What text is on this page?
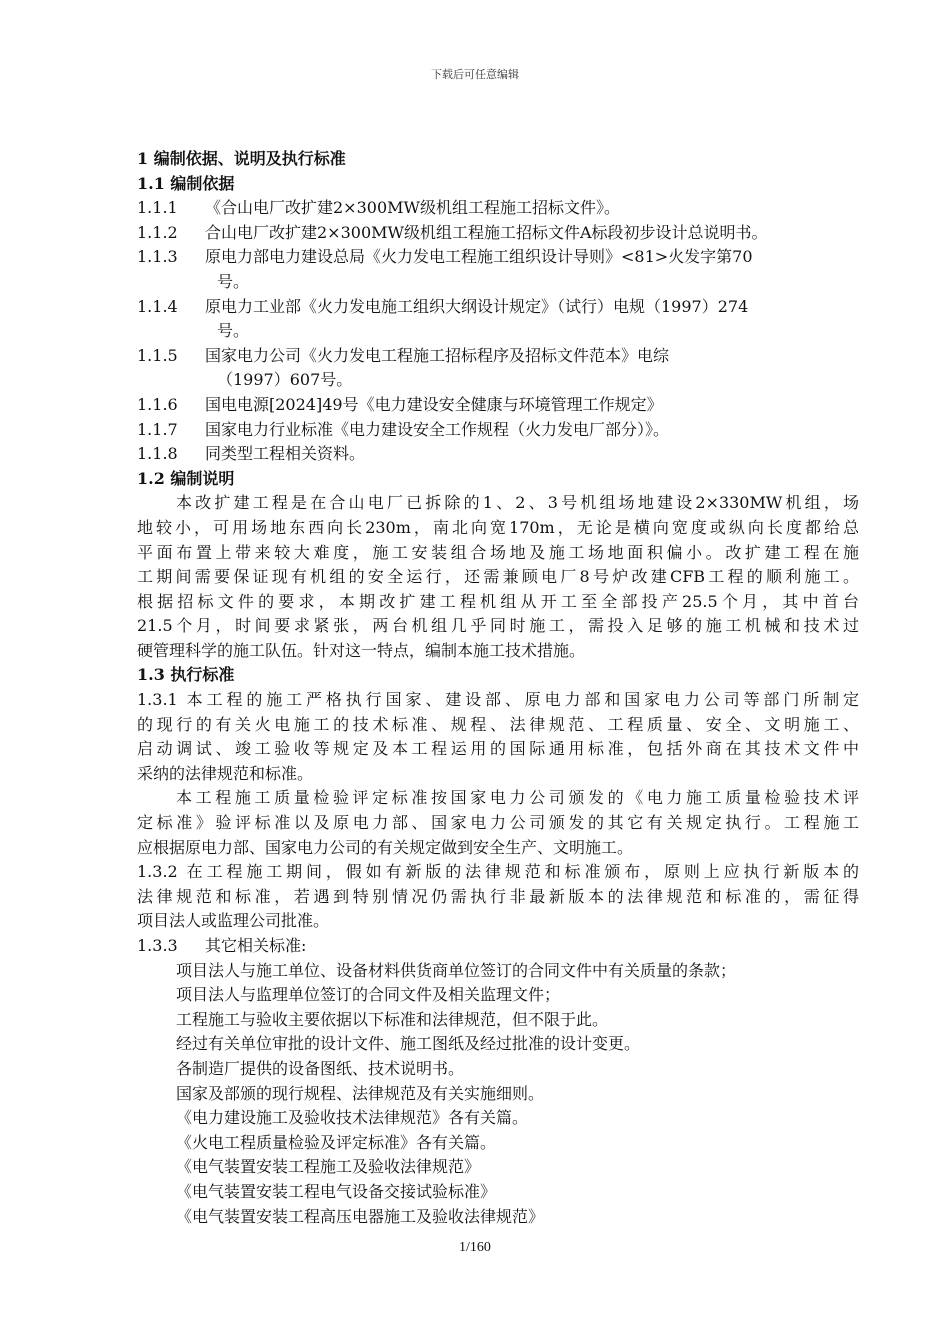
下载后可任意编辑
1 编制依据、说明及执行标准
1.1 编制依据
1.1.1 《合山电厂改扩建2×300MW级机组工程施工招标文件》。
1.1.2 合山电厂改扩建2×300MW级机组工程施工招标文件A标段初步设计总说明书。
1.1.3 原电力部电力建设总局《火力发电工程施工组织设计导则》<81>火发字第70
号。
1.1.4 原电力工业部《火力发电施工组织大纲设计规定》（试行）电规（1997）274
号。
1.1.5 国家电力公司《火力发电工程施工招标程序及招标文件范本》电综
（1997）607号。
1.1.6 国电电源[2024]49号《电力建设安全健康与环境管理工作规定》
1.1.7 国家电力行业标准《电力建设安全工作规程（火力发电厂部分）》。
1.1.8 同类型工程相关资料。
1.2 编制说明
本改扩建工程是在合山电厂已拆除的1、2、3号机组场地建设2×330MW机组，场
地较小，可用场地东西向长230m，南北向宽170m，无论是横向宽度或纵向长度都给总
平面布置上带来较大难度，施工安装组合场地及施工场地面积偏小。改扩建工程在施
工期间需要保证现有机组的安全运行，还需兼顾电厂8号炉改建CFB工程的顺利施工。
根据招标文件的要求，本期改扩建工程机组从开工至全部投产25.5个月，其中首台
21.5个月，时间要求紧张，两台机组几乎同时施工，需投入足够的施工机械和技术过
硬管理科学的施工队伍。针对这一特点，编制本施工技术措施。
1.3 执行标准
1.3.1 本工程的施工严格执行国家、建设部、原电力部和国家电力公司等部门所制定
的现行的有关火电施工的技术标准、规程、法律规范、工程质量、安全、文明施工、
启动调试、竣工验收等规定及本工程运用的国际通用标准，包括外商在其技术文件中
采纳的法律规范和标准。
本工程施工质量检验评定标准按国家电力公司颁发的《电力施工质量检验技术评
定标准》验评标准以及原电力部、国家电力公司颁发的其它有关规定执行。工程施工
应根据原电力部、国家电力公司的有关规定做到安全生产、文明施工。
1.3.2 在工程施工期间，假如有新版的法律规范和标准颁布，原则上应执行新版本的
法律规范和标准，若遇到特别情况仍需执行非最新版本的法律规范和标准的，需征得
项目法人或监理公司批准。
1.3.3 其它相关标准:
项目法人与施工单位、设备材料供货商单位签订的合同文件中有关质量的条款；
项目法人与监理单位签订的合同文件及相关监理文件；
工程施工与验收主要依据以下标准和法律规范，但不限于此。
经过有关单位审批的设计文件、施工图纸及经过批准的设计变更。
各制造厂提供的设备图纸、技术说明书。
国家及部颁的现行规程、法律规范及有关实施细则。
《电力建设施工及验收技术法律规范》各有关篇。
《火电工程质量检验及评定标准》各有关篇。
《电气装置安装工程施工及验收法律规范》
《电气装置安装工程电气设备交接试验标准》
《电气装置安装工程高压电器施工及验收法律规范》
1/160
